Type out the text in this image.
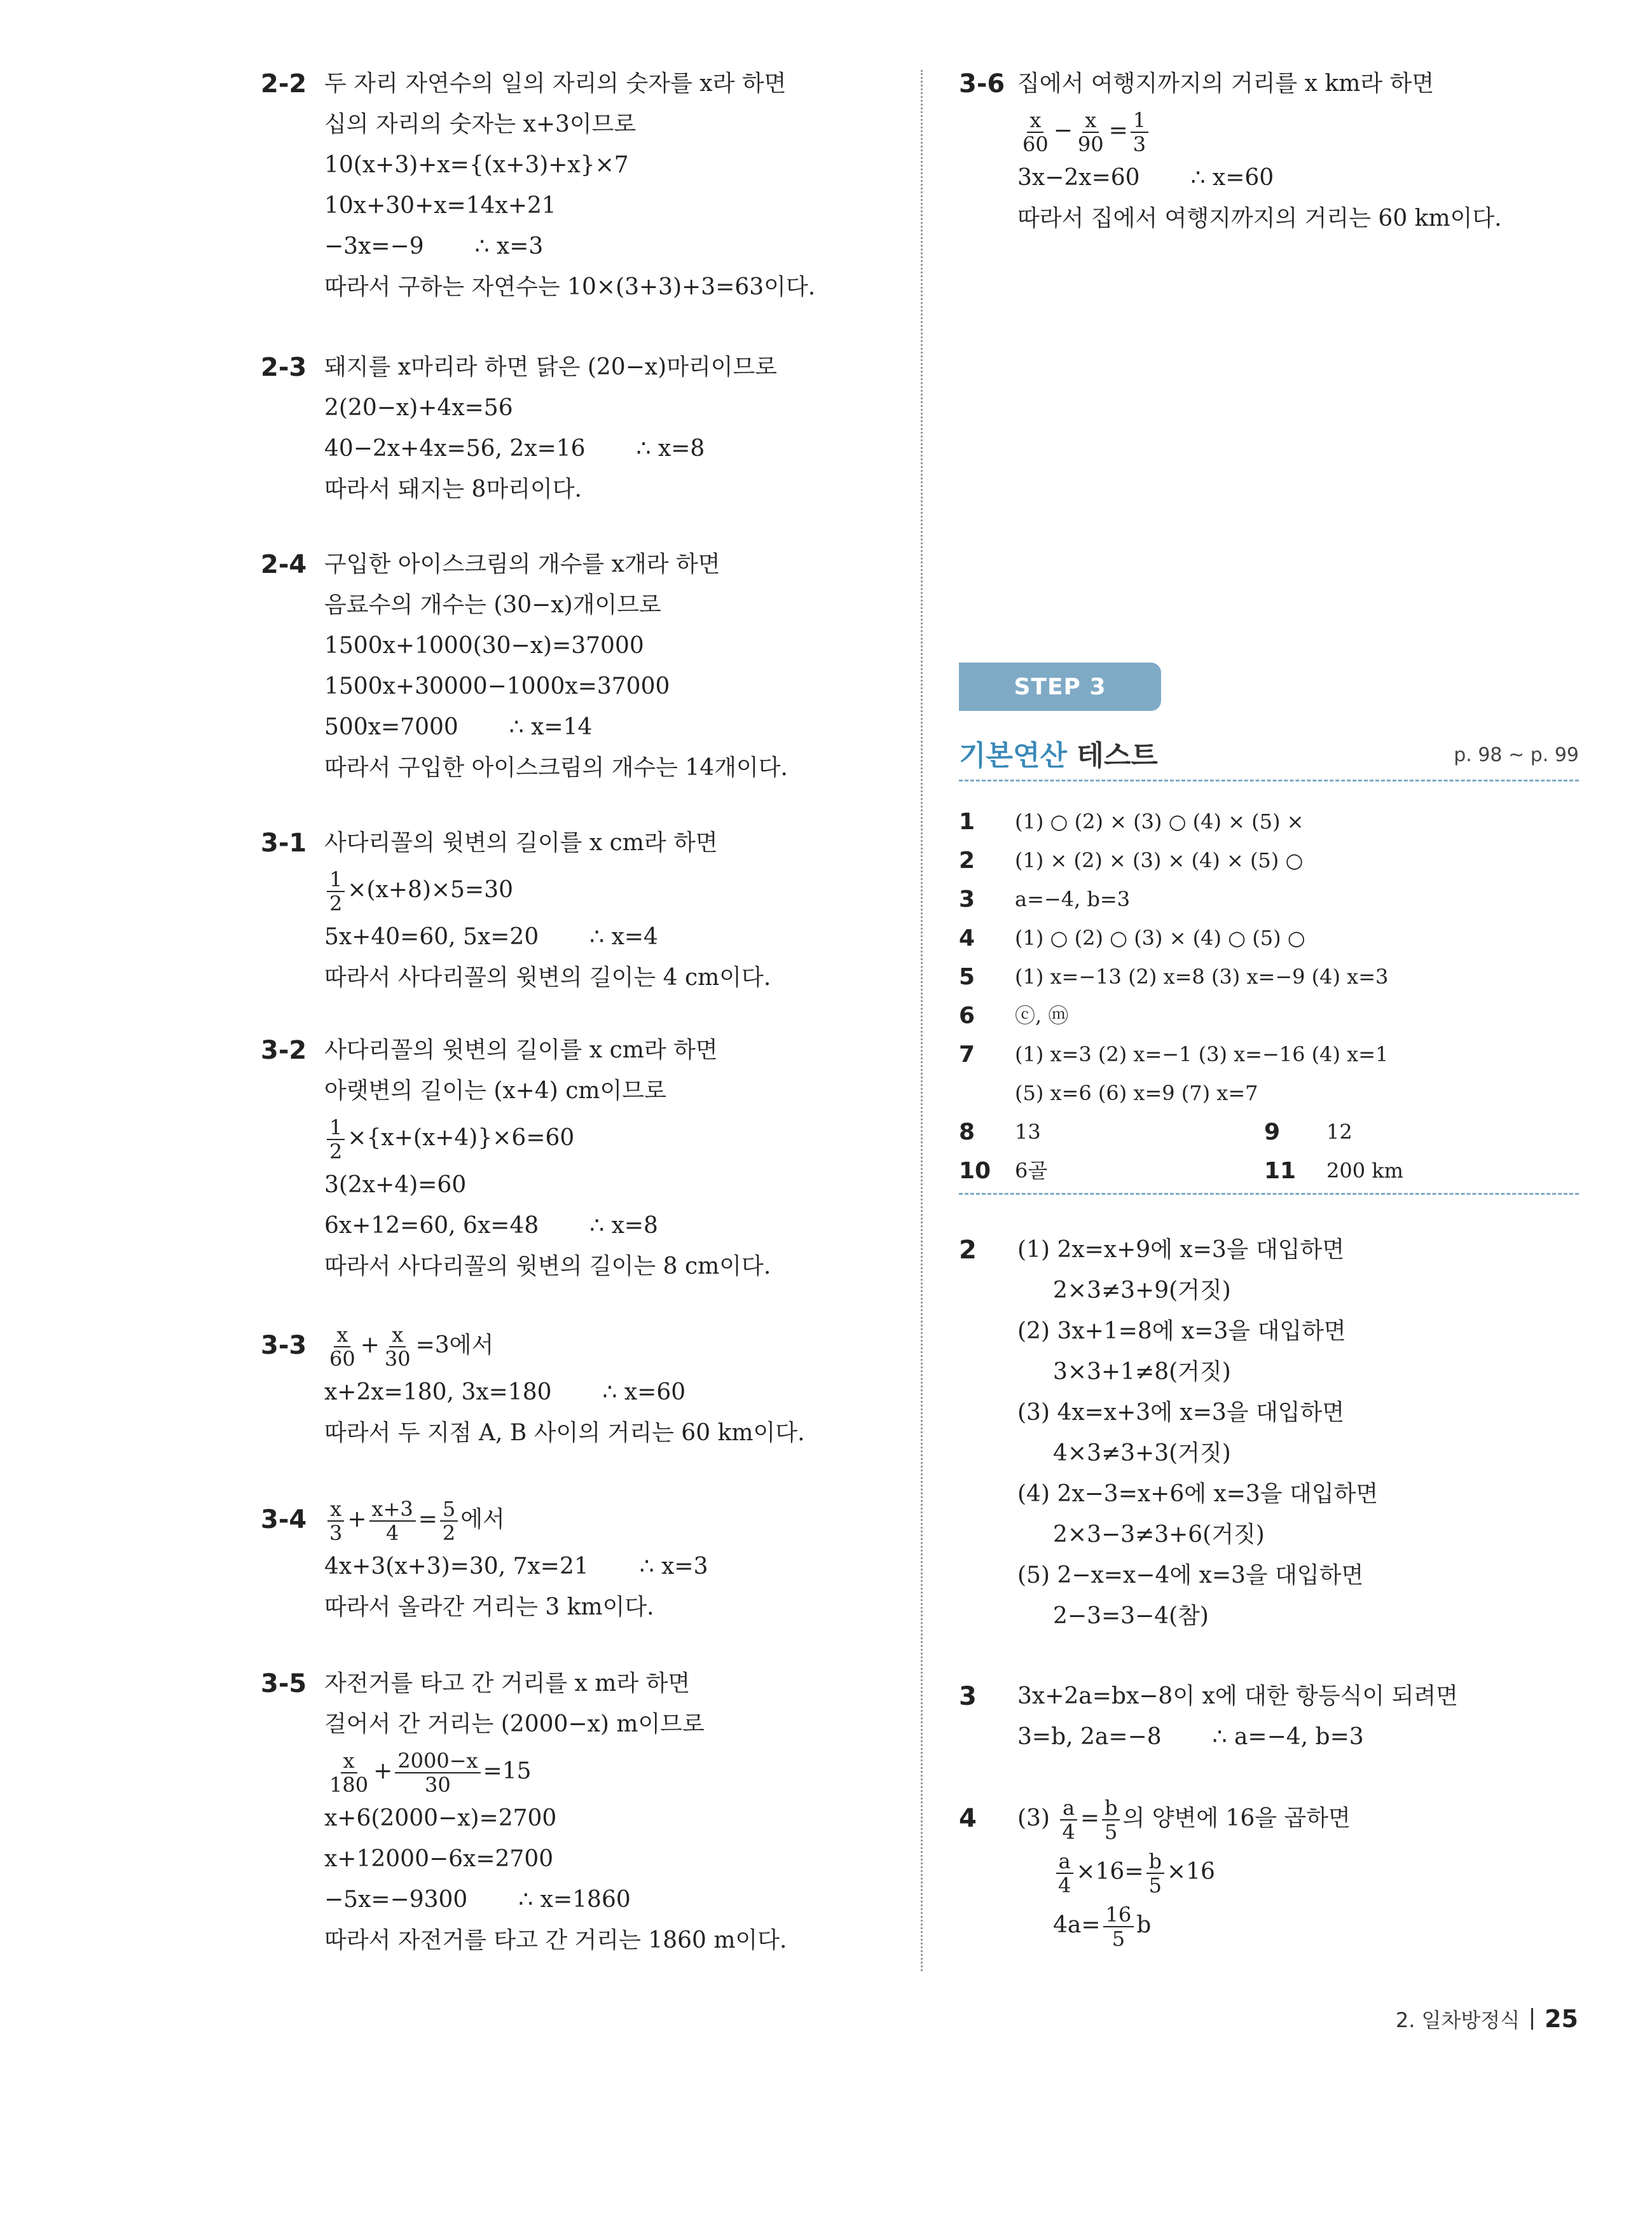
2-2 두 자리 자연수의 일의 자리의 숫자를 x라 하면
십의 자리의 숫자는 x+3이므로
10(x+3)+x={(x+3)+x}×7
10x+30+x=14x+21
−3x=−9 ∴ x=3
따라서 구하는 자연수는 10×(3+3)+3=63이다.
2-3 돼지를 x마리라 하면 닭은 (20−x)마리이므로
2(20−x)+4x=56
40−2x+4x=56, 2x=16 ∴ x=8
따라서 돼지는 8마리이다.
2-4 구입한 아이스크림의 개수를 x개라 하면
음료수의 개수는 (30−x)개이므로
1500x+1000(30−x)=37000
1500x+30000−1000x=37000
500x=7000 ∴ x=14
따라서 구입한 아이스크림의 개수는 14개이다.
3-1 사다리꼴의 윗변의 길이를 x cm라 하면
$\frac{1}{2} \times(x+8)\times 5=30$
5x+40=60, 5x=20 ∴ x=4
따라서 사다리꼴의 윗변의 길이는 4 cm이다.
3-2 사다리꼴의 윗변의 길이를 x cm라 하면
아랫변의 길이는 (x+4) cm이므로
$\frac{1}{2} \times\{x+(x+4)\}\times 6=60$
3(2x+4)=60
6x+12=60, 6x=48 ∴ x=8
따라서 사다리꼴의 윗변의 길이는 8 cm이다.
$3-3 \frac{x}{60} + \frac{x}{30} =3$에서
x+2x=180, 3x=180 ∴ x=60
따라서 두 지점 A, B 사이의 거리는 60 km이다.
$3-4 \frac{x}{3} + \frac{x+3}{4} = \frac{5}{2}$ 에서
4x+3(x+3)=30, 7x=21 ∴ x=3
따라서 올라간 거리는 3 km이다.
3-5 자전거를 타고 간 거리를 x m라 하면
걸어서 간 거리는 (2000−x) m이므로
$\frac{x}{180} + \frac{2000-x}{30} =15$
x+6(2000−x)=2700
x+12000−6x=2700
−5x=−9300 ∴ x=1860
따라서 자전거를 타고 간 거리는 1860 m이다.
3-6 집에서 여행지까지의 거리를 x km라 하면
$\frac{x}{60} - \frac{x}{90} = \frac{1}{3}$
3x−2x=60 ∴ x=60
따라서 집에서 여행지까지의 거리는 60 km이다.
STEP 3
기본연산 테스트	p. 98 ~ p. 99
1 (1) ○ (2) × (3) ○ (4) × (5) ×
2 (1) × (2) × (3) × (4) × (5) ○
3 a=−4, b=3
4 (1) ○ (2) ○ (3) × (4) ○ (5) ○
5 (1) x=−13 (2) x=8 (3) x=−9 (4) x=3
6 ⓒ, ⓜ
7 (1) x=3 (2) x=−1 (3) x=−16 (4) x=1
(5) x=6 (6) x=9 (7) x=7
8 13	9 12
10 6골	11 200 km
2 (1) 2x=x+9에 x=3을 대입하면
2×3≠3+9(거짓)
(2) 3x+1=8에 x=3을 대입하면
3×3+1≠8(거짓)
(3) 4x=x+3에 x=3을 대입하면
4×3≠3+3(거짓)
(4) 2x−3=x+6에 x=3을 대입하면
2×3−3≠3+6(거짓)
(5) 2−x=x−4에 x=3을 대입하면
2−3=3−4(참)
3 3x+2a=bx−8이 x에 대한 항등식이 되려면
3=b, 2a=−8 ∴ a=−4, b=3
4 $(3) \frac{a}{4} = \frac{b}{5}$ 의 양변에 16을 곱하면
$\frac{a}{4} \times 16= \frac{b}{5} \times 16$
$4a= \frac{16}{5}$ b
2. 일차방정식 25
